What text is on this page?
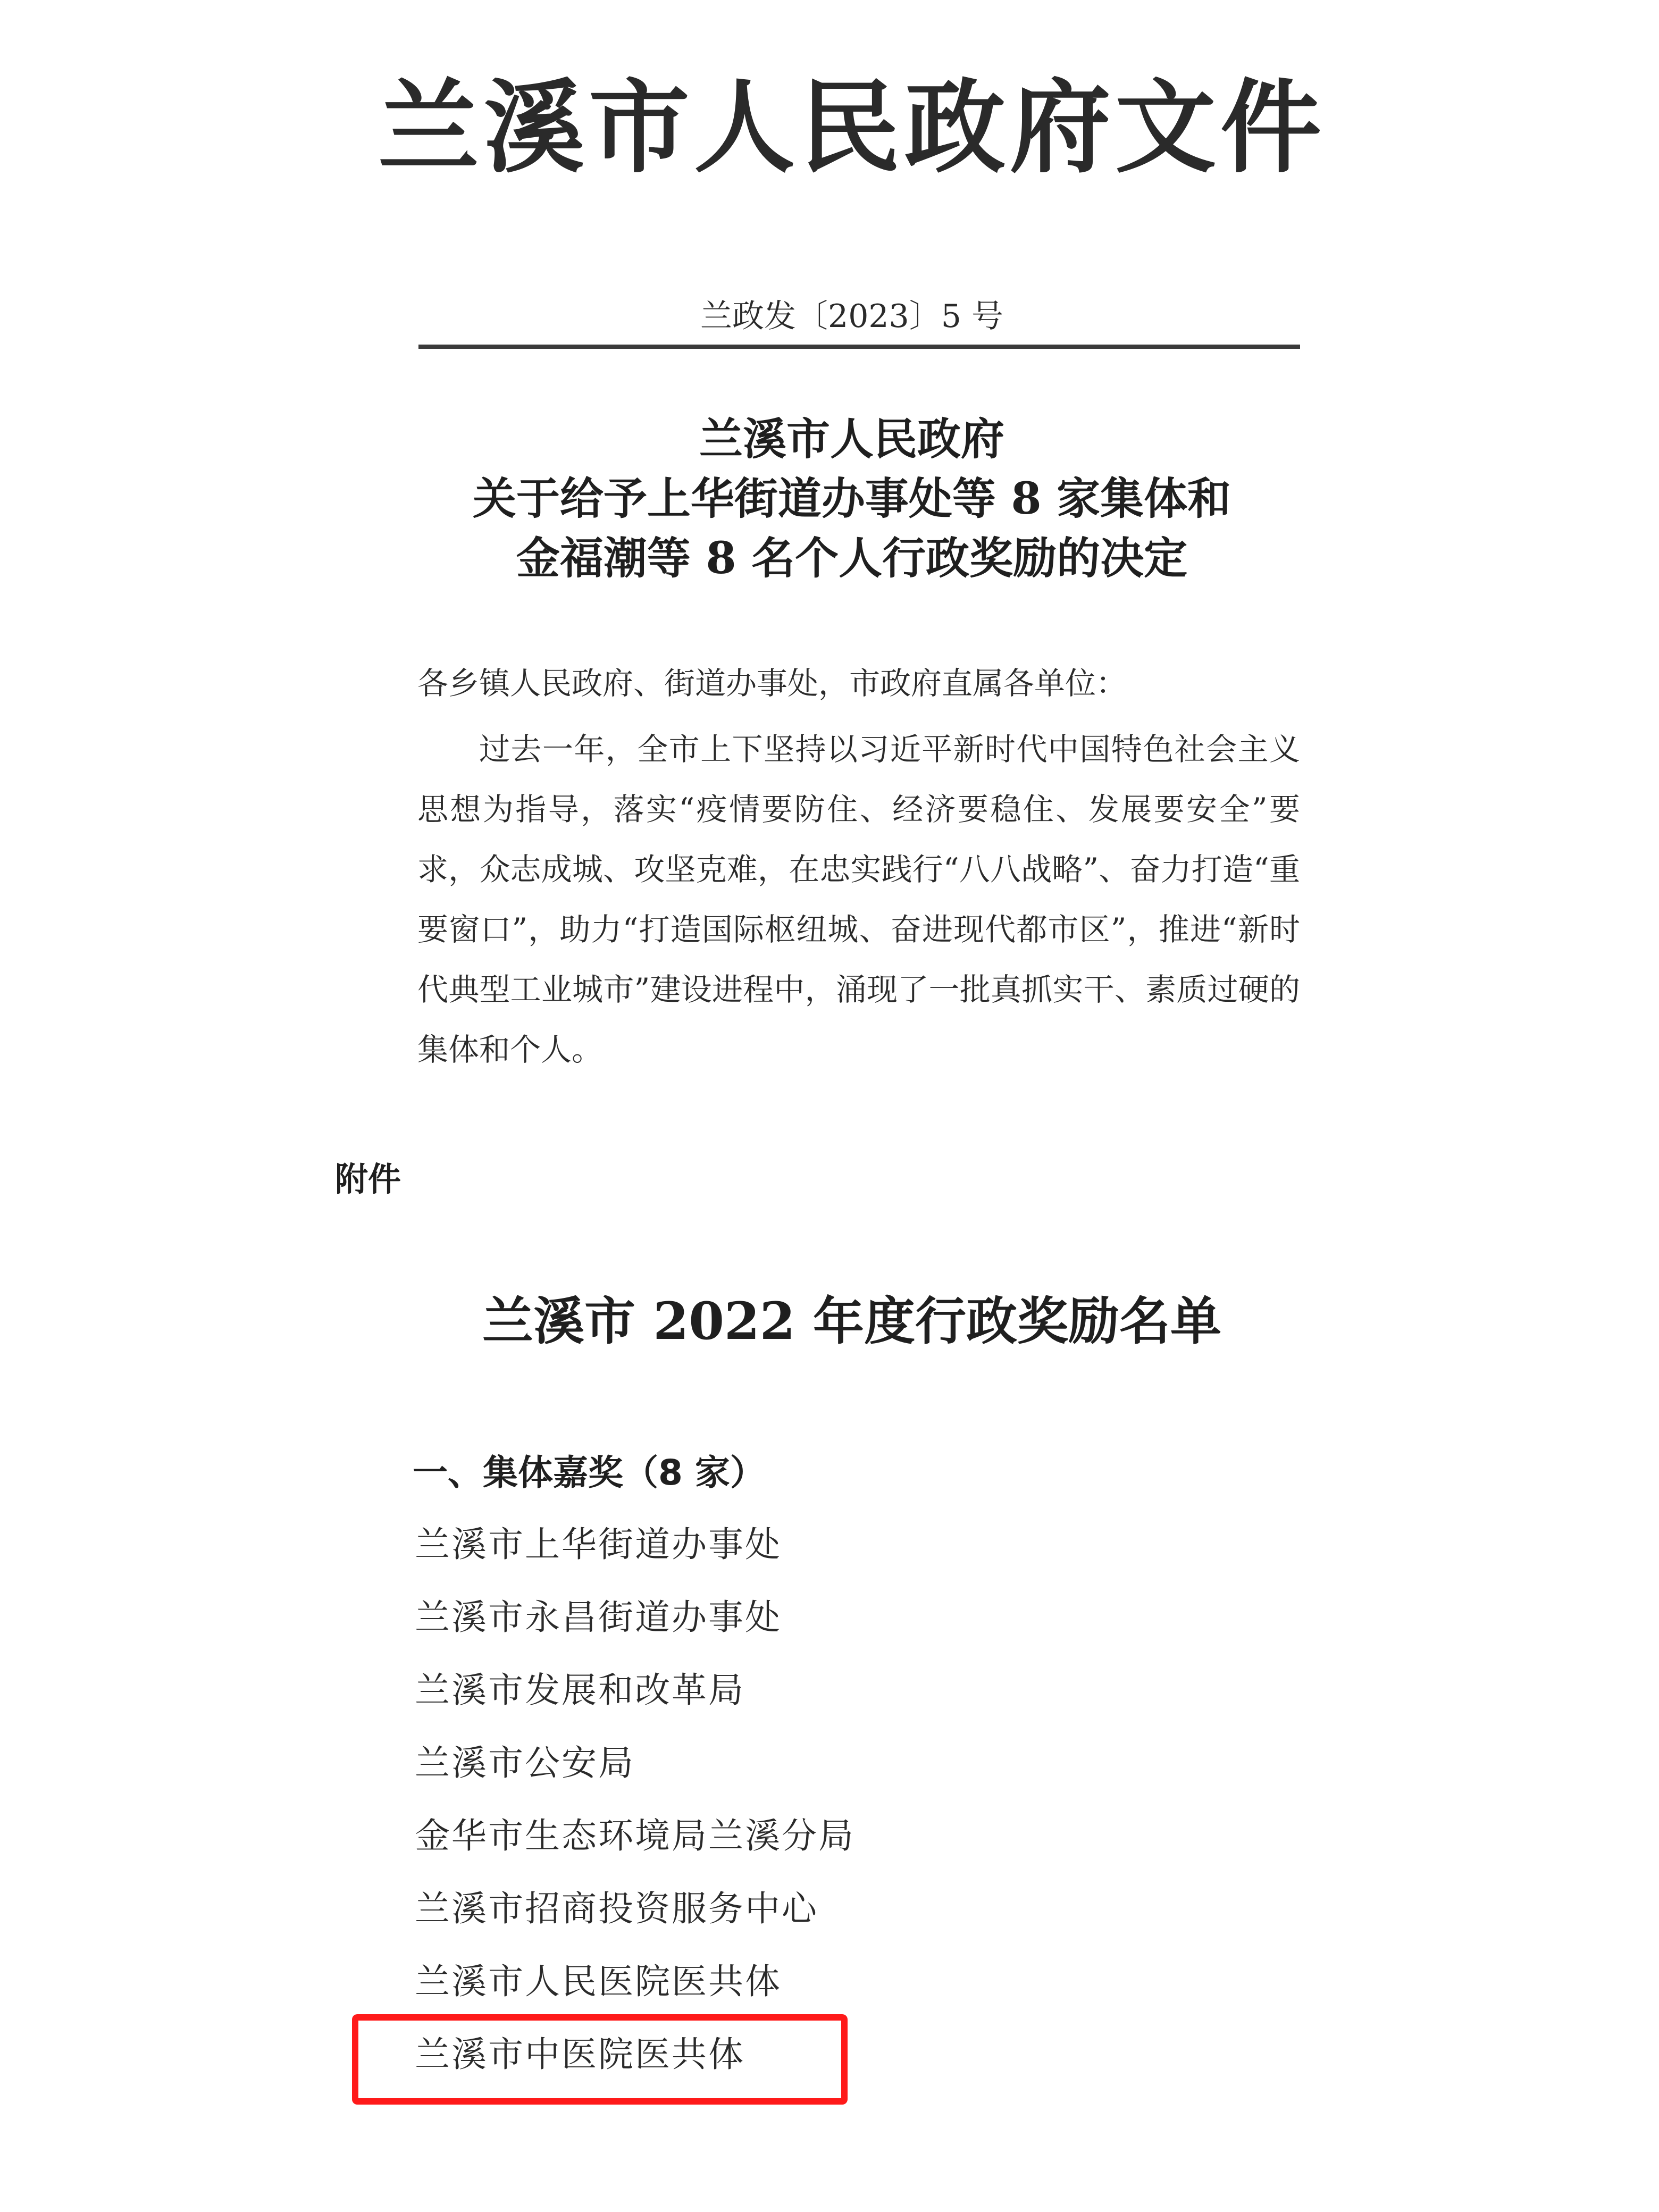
兰溪市人民政府文件
兰政发〔2023〕5 号
兰溪市人民政府
关于给予上华街道办事处等 8 家集体和
金福潮等 8 名个人行政奖励的决定
各乡镇人民政府、街道办事处，市政府直属各单位：
过去一年，全市上下坚持以习近平新时代中国特色社会主义思想为指导，落实“疫情要防住、经济要稳住、发展要安全”要求，众志成城、攻坚克难，在忠实践行“八八战略”、奋力打造“重要窗口”，助力“打造国际枢纽城、奋进现代都市区”，推进“新时代典型工业城市”建设进程中，涌现了一批真抓实干、素质过硬的集体和个人。
附件
兰溪市 2022 年度行政奖励名单
一、集体嘉奖（8 家）
兰溪市上华街道办事处
兰溪市永昌街道办事处
兰溪市发展和改革局
兰溪市公安局
金华市生态环境局兰溪分局
兰溪市招商投资服务中心
兰溪市人民医院医共体
兰溪市中医院医共体
